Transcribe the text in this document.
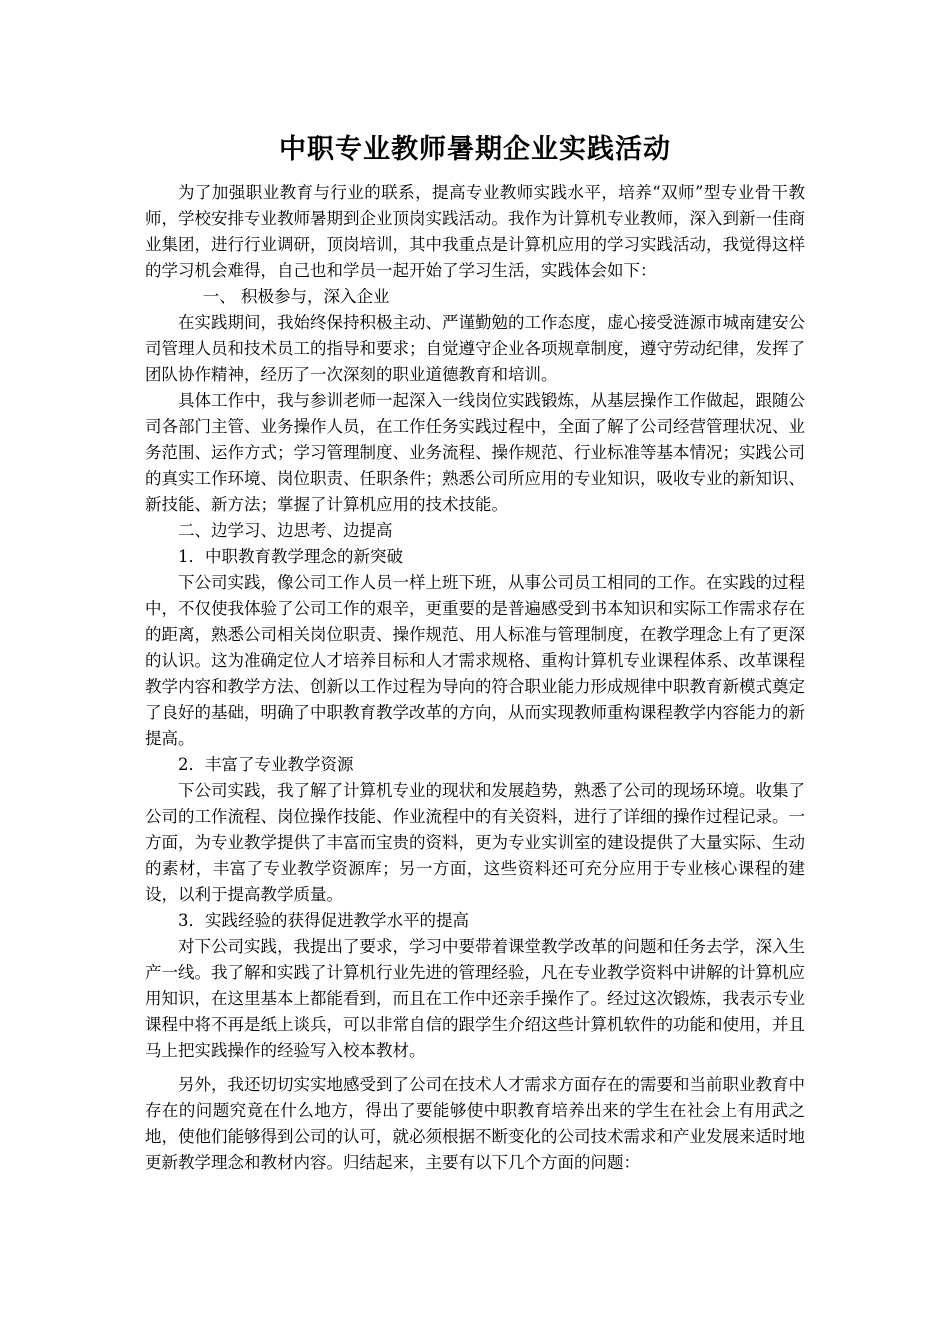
中职专业教师暑期企业实践活动

为了加强职业教育与行业的联系，提高专业教师实践水平，培养“双师”型专业骨干教师，学校安排专业教师暑期到企业顶岗实践活动。我作为计算机专业教师，深入到新一佳商业集团，进行行业调研，顶岗培训，其中我重点是计算机应用的学习实践活动，我觉得这样的学习机会难得，自己也和学员一起开始了学习生活，实践体会如下：

一、 积极参与，深入企业

在实践期间，我始终保持积极主动、严谨勤勉的工作态度，虚心接受涟源市城南建安公司管理人员和技术员工的指导和要求；自觉遵守企业各项规章制度，遵守劳动纪律，发挥了团队协作精神，经历了一次深刻的职业道德教育和培训。

具体工作中，我与参训老师一起深入一线岗位实践锻炼，从基层操作工作做起，跟随公司各部门主管、业务操作人员，在工作任务实践过程中，全面了解了公司经营管理状况、业务范围、运作方式；学习管理制度、业务流程、操作规范、行业标准等基本情况；实践公司的真实工作环境、岗位职责、任职条件；熟悉公司所应用的专业知识，吸收专业的新知识、新技能、新方法；掌握了计算机应用的技术技能。

二、边学习、边思考、边提高

1．中职教育教学理念的新突破

下公司实践，像公司工作人员一样上班下班，从事公司员工相同的工作。在实践的过程中，不仅使我体验了公司工作的艰辛，更重要的是普遍感受到书本知识和实际工作需求存在的距离，熟悉公司相关岗位职责、操作规范、用人标准与管理制度，在教学理念上有了更深的认识。这为准确定位人才培养目标和人才需求规格、重构计算机专业课程体系、改革课程教学内容和教学方法、创新以工作过程为导向的符合职业能力形成规律中职教育新模式奠定了良好的基础，明确了中职教育教学改革的方向，从而实现教师重构课程教学内容能力的新提高。

2．丰富了专业教学资源

下公司实践，我了解了计算机专业的现状和发展趋势，熟悉了公司的现场环境。收集了公司的工作流程、岗位操作技能、作业流程中的有关资料，进行了详细的操作过程记录。一方面，为专业教学提供了丰富而宝贵的资料，更为专业实训室的建设提供了大量实际、生动的素材，丰富了专业教学资源库；另一方面，这些资料还可充分应用于专业核心课程的建设，以利于提高教学质量。

3．实践经验的获得促进教学水平的提高

对下公司实践，我提出了要求，学习中要带着课堂教学改革的问题和任务去学，深入生产一线。我了解和实践了计算机行业先进的管理经验，凡在专业教学资料中讲解的计算机应用知识，在这里基本上都能看到，而且在工作中还亲手操作了。经过这次锻炼，我表示专业课程中将不再是纸上谈兵，可以非常自信的跟学生介绍这些计算机软件的功能和使用，并且马上把实践操作的经验写入校本教材。

另外，我还切切实实地感受到了公司在技术人才需求方面存在的需要和当前职业教育中存在的问题究竟在什么地方，得出了要能够使中职教育培养出来的学生在社会上有用武之地，使他们能够得到公司的认可，就必须根据不断变化的公司技术需求和产业发展来适时地更新教学理念和教材内容。归结起来，主要有以下几个方面的问题：
